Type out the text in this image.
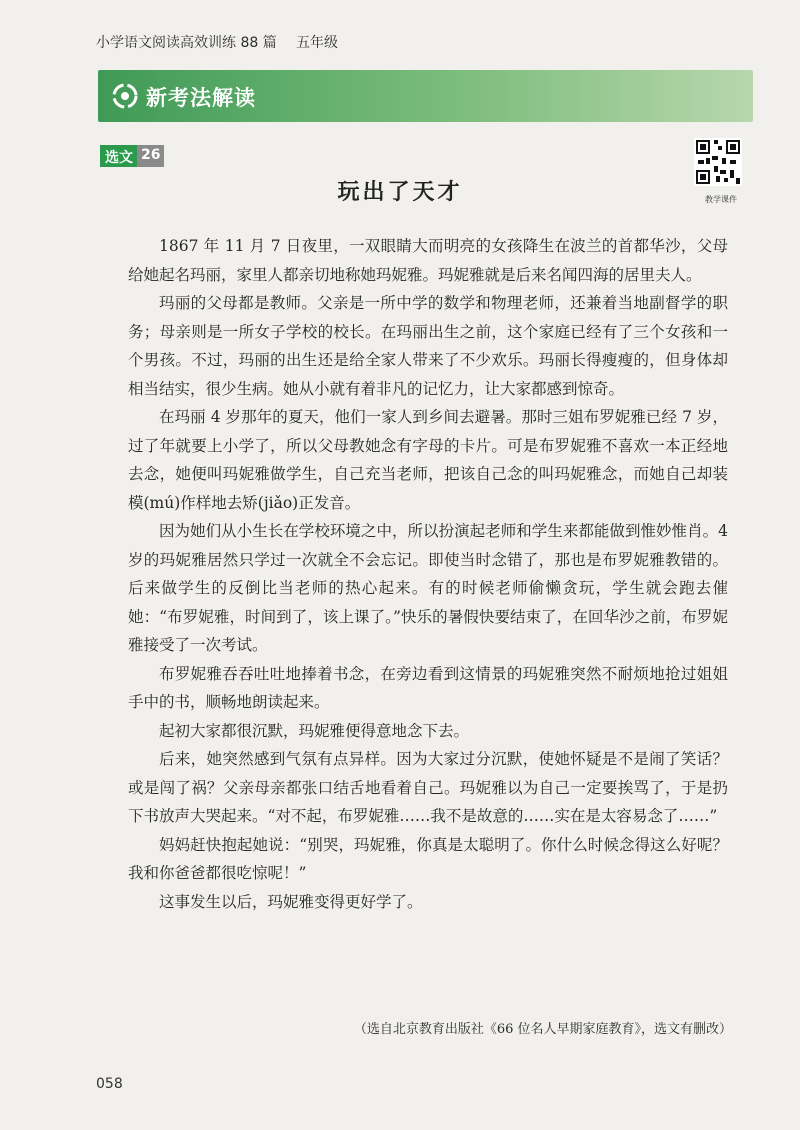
小学语文阅读高效训练 88 篇 五年级
新考法解读
选文 26
教学课件
玩出了天才

1867 年 11 月 7 日夜里，一双眼睛大而明亮的女孩降生在波兰的首都华沙，父母给她起名玛丽，家里人都亲切地称她玛妮雅。玛妮雅就是后来名闻四海的居里夫人。

玛丽的父母都是教师。父亲是一所中学的数学和物理老师，还兼着当地副督学的职务；母亲则是一所女子学校的校长。在玛丽出生之前，这个家庭已经有了三个女孩和一个男孩。不过，玛丽的出生还是给全家人带来了不少欢乐。玛丽长得瘦瘦的，但身体却相当结实，很少生病。她从小就有着非凡的记忆力，让大家都感到惊奇。

在玛丽 4 岁那年的夏天，他们一家人到乡间去避暑。那时三姐布罗妮雅已经 7 岁，过了年就要上小学了，所以父母教她念有字母的卡片。可是布罗妮雅不喜欢一本正经地去念，她便叫玛妮雅做学生，自己充当老师，把该自己念的叫玛妮雅念，而她自己却装模(mú)作样地去矫(jiǎo)正发音。

因为她们从小生长在学校环境之中，所以扮演起老师和学生来都能做到惟妙惟肖。4 岁的玛妮雅居然只学过一次就全不会忘记。即使当时念错了，那也是布罗妮雅教错的。后来做学生的反倒比当老师的热心起来。有的时候老师偷懒贪玩，学生就会跑去催她：“布罗妮雅，时间到了，该上课了。”快乐的暑假快要结束了，在回华沙之前，布罗妮雅接受了一次考试。

布罗妮雅吞吞吐吐地捧着书念，在旁边看到这情景的玛妮雅突然不耐烦地抢过姐姐手中的书，顺畅地朗读起来。

起初大家都很沉默，玛妮雅便得意地念下去。

后来，她突然感到气氛有点异样。因为大家过分沉默，使她怀疑是不是闹了笑话？或是闯了祸？父亲母亲都张口结舌地看着自己。玛妮雅以为自己一定要挨骂了，于是扔下书放声大哭起来。“对不起，布罗妮雅……我不是故意的……实在是太容易念了……”

妈妈赶快抱起她说：“别哭，玛妮雅，你真是太聪明了。你什么时候念得这么好呢？我和你爸爸都很吃惊呢！”

这事发生以后，玛妮雅变得更好学了。

（选自北京教育出版社《66 位名人早期家庭教育》，选文有删改）
058
